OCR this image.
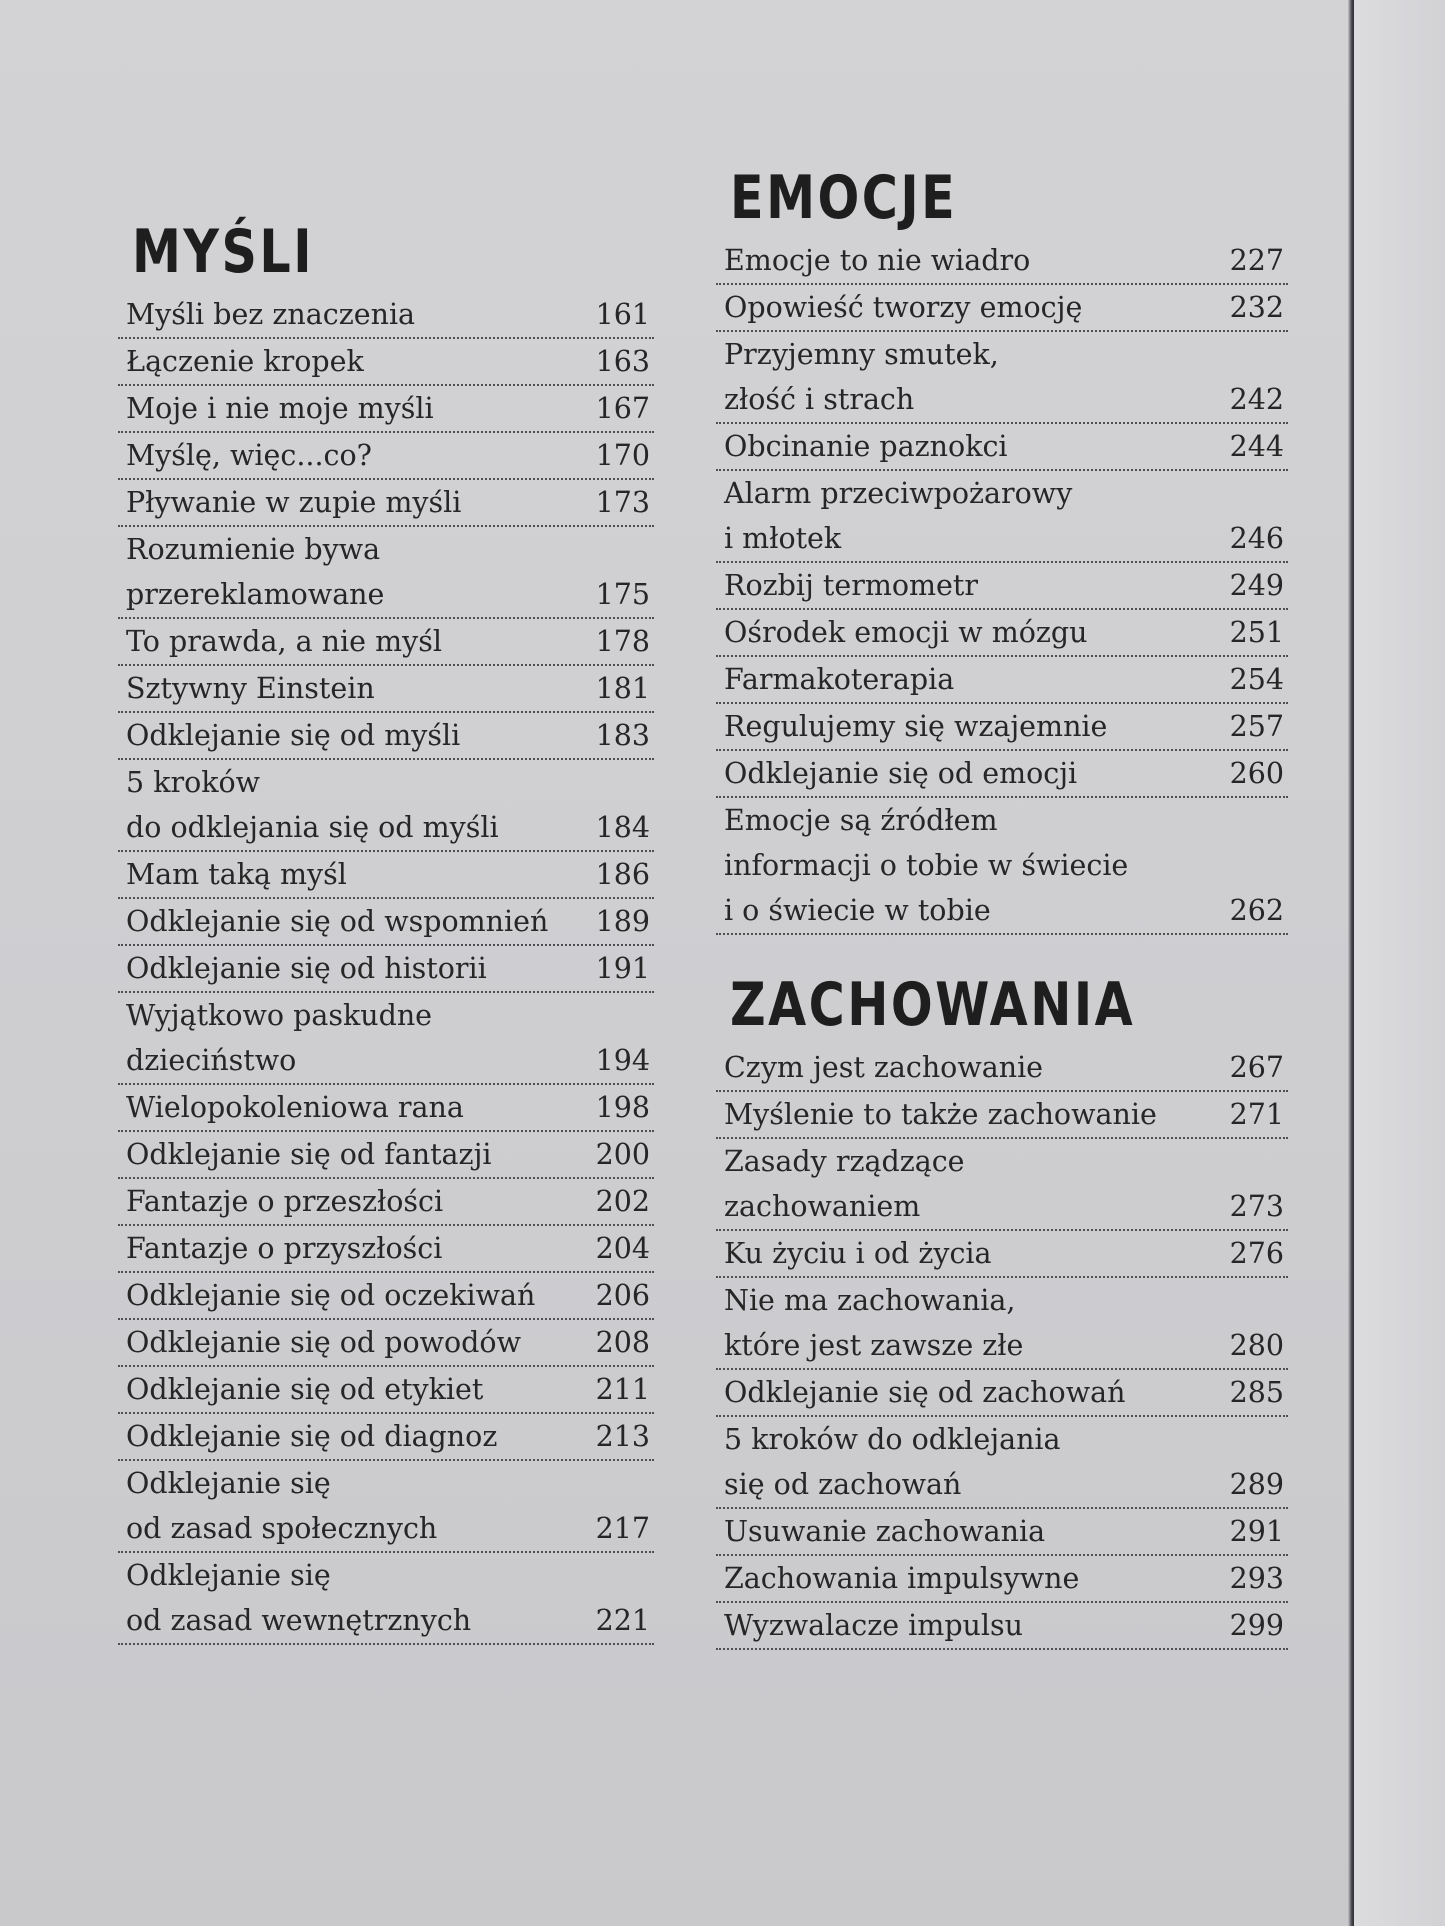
MYŚLI
Myśli bez znaczenia	161
Łączenie kropek	163
Moje i nie moje myśli	167
Myślę, więc...co?	170
Pływanie w zupie myśli	173
Rozumienie bywa
przereklamowane	175
To prawda, a nie myśl	178
Sztywny Einstein	181
Odklejanie się od myśli	183
5 kroków
do odklejania się od myśli	184
Mam taką myśl	186
Odklejanie się od wspomnień	189
Odklejanie się od historii	191
Wyjątkowo paskudne
dzieciństwo	194
Wielopokoleniowa rana	198
Odklejanie się od fantazji	200
Fantazje o przeszłości	202
Fantazje o przyszłości	204
Odklejanie się od oczekiwań	206
Odklejanie się od powodów	208
Odklejanie się od etykiet	211
Odklejanie się od diagnoz	213
Odklejanie się
od zasad społecznych	217
Odklejanie się
od zasad wewnętrznych	221
EMOCJE
Emocje to nie wiadro	227
Opowieść tworzy emocję	232
Przyjemny smutek,
złość i strach	242
Obcinanie paznokci	244
Alarm przeciwpożarowy
i młotek	246
Rozbij termometr	249
Ośrodek emocji w mózgu	251
Farmakoterapia	254
Regulujemy się wzajemnie	257
Odklejanie się od emocji	260
Emocje są źródłem
informacji o tobie w świecie
i o świecie w tobie	262
ZACHOWANIA
Czym jest zachowanie	267
Myślenie to także zachowanie	271
Zasady rządzące
zachowaniem	273
Ku życiu i od życia	276
Nie ma zachowania,
które jest zawsze złe	280
Odklejanie się od zachowań	285
5 kroków do odklejania
się od zachowań	289
Usuwanie zachowania	291
Zachowania impulsywne	293
Wyzwalacze impulsu	299
